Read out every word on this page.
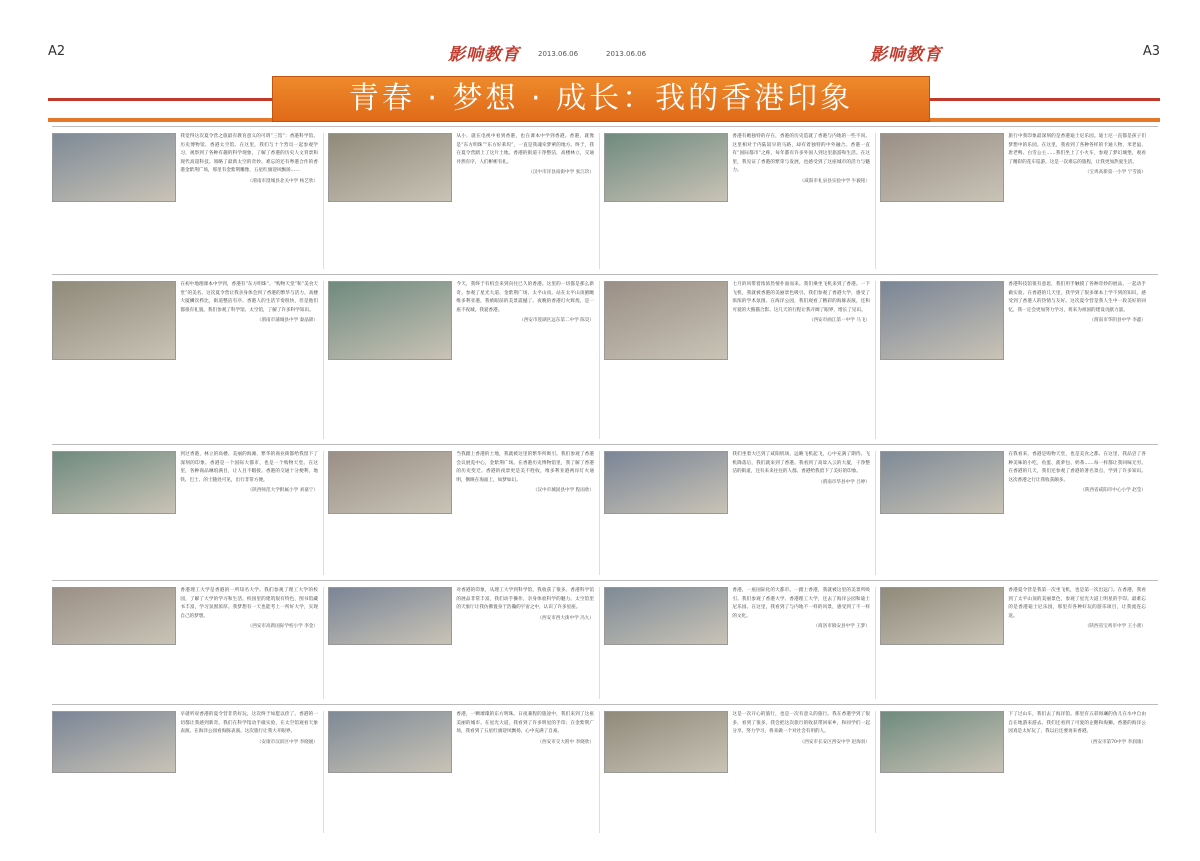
A2	影响教育	2013.06.06	2013.06.06	影响教育	A3
青春 · 梦想 · 成长：我的香港印象
我觉得这次夏令营之旅最有教育意义的可谓“三馆”：香港科学馆、历史博物馆、香港太空馆。在这里，我们与十个营员一起参观学习，观察到了各种有趣的科学现象，了解了香港的历史人文背景和现代高超科技。领略了最新太空的奇妙。难忘的还有粤港合作的香港金紫荆广场，那里有金紫荆雕像，五星红旗迎风飘扬……
（渭南市澄城县北关中学 杨艺欣）
从小，就在电视中看到香港，也在课本中学到香港。香港，就像是“东方明珠”“东方好莱坞”，一直是我魂牵梦萦的地方。终于，我在夏令营踏上了这片土地。香港的街道干净整洁，高楼林立，交通井然有序，人们彬彬有礼。
（汉中市洋县南街中学 张江玖）
香港有她独特的存在，香港的历史造就了香港与内地的一些不同。这里相对于内陆较早的马路，却有着独特的中外融合。香港一直有“国际都市”之称，每年都有许多外国人到这里旅游和生活。在这里，我见证了香港的繁荣与发展，也感受到了这座城市的活力与魅力。
（咸阳市礼泉县实验中学 牛毅铭）
旅行中我印象最深刻的是香港迪士尼乐园。迪士尼一直都是孩子们梦想中的乐园。在这里，我看到了各种各样的卡通人物，米老鼠、唐老鸭、白雪公主……我们坐上了小火车，参观了梦幻城堡，观看了精彩的花车巡游。这是一次难忘的旅程，让我更加热爱生活。
（宝鸡高新第一小学 宁雪波）
在初中地理课本中学到，香港有“东方明珠”、“购物天堂”和“美食天堂”的美名。这次夏令营让我亲身体会到了香港的繁华与活力。高楼大厦鳞次栉比，街道整洁有序。香港人的生活节奏很快，但是他们都很有礼貌。我们参观了科学馆、太空馆，了解了许多科学知识。
（渭南市蒲城县中学 秦晶锦）
今天，我终于有机会来到向往已久的香港。这里的一切都是那么新奇。参观了星光大道、金紫荆广场、太平山顶。站在太平山顶俯瞰维多利亚港，我被眼前的美景震撼了。夜晚的香港灯火辉煌，是一座不夜城。我爱香港。
（西安市莲湖区远东第二中学 陈昊）
七月的风带着浓浓热情扑面而来。我们乘坐飞机来到了香港。一下飞机，我就被香港的美丽景色吸引。我们参观了香港大学，感受了浓浓的学术氛围。在海洋公园，我们观看了精彩的海豚表演，还和可爱的大熊猫合影。这几天的行程让我开阔了眼界，增长了见识。
（西安市曲江第一中学 马飞）
香港科技馆很有意思，我们用手触摸了各种奇妙的展品，一起动手做实验。在香港的几天里，我学到了很多课本上学不到的知识，感受到了香港人的热情与友好。这次夏令营是我人生中一段美好的回忆，我一定会更加努力学习，将来为祖国的建设贡献力量。
（渭南市华阴县中学 李鑫）
到过香港，林立的高楼、美丽的海滩、繁华的商业街都给我留下了深刻的印象。香港是一个国际大都市，也是一个购物天堂。在这里，各种商品琳琅满目，让人目不暇接。香港的交通十分便利，地铁、巴士、的士随处可见，出行非常方便。
（陕西师范大学附属小学 刘嘉宁）
当我踏上香港的土地，我就被这里的繁华所吸引。我们参观了香港会议展览中心，金紫荆广场。在香港历史博物馆里，我了解了香港的历史变迁。香港的夜景更是美不胜收，维多利亚港两岸灯火通明，倒映在海面上，如梦如幻。
（汉中市城固县中学 程雨欣）
我们坐着大巴到了咸阳机场，远眺飞机起飞，心中充满了期待。飞机降落后，我们就来到了香港。我看到了高耸入云的大厦，干净整洁的街道，还有来来往往的人群。香港给我留下了美好的印象。
（渭南市华县中学 吕婷）
在我看来，香港是购物天堂，也是美食之都。在这里，我品尝了各种美味的小吃，鱼蛋、菠萝包、奶茶……每一样都让我回味无穷。在香港的几天，我们还参观了香港的著名景点，学到了许多知识。这次香港之行让我收获颇多。
（陕西省咸阳市中心小学 赵莹）
香港理工大学是香港的一所知名大学。我们参观了理工大学的校园，了解了大学的学习和生活。校园里的建筑很有特色，图书馆藏书丰富，学习氛围浓厚。我梦想有一天也能考上一所好大学，实现自己的梦想。
（西安市高新国际学校小学 李金）
对香港的印象，从理工大学到科学馆，我收获了很多。香港科学馆的展品非常丰富，我们动手操作，亲身体验科学的魅力。太空馆里的天象厅让我仿佛置身于浩瀚的宇宙之中，认识了许多星座。
（西安市西大街中学 冯九）
香港，一座国际化的大都市。一踏上香港，我就被这里的美景所吸引。我们参观了香港大学、香港理工大学，还去了海洋公园和迪士尼乐园。在这里，我看到了与内地不一样的风景，感受到了不一样的文化。
（商洛市镇安县中学 王梦）
香港夏令营是我第一次坐飞机，也是第一次出远门。在香港，我看到了太平山顶的美丽景色，参观了星光大道上明星的手印。最难忘的是香港迪士尼乐园，那里有各种好玩的游乐项目，让我流连忘返。
（陕西省宝鸡市中学 王小蕾）
早就听说香港的夏令营非常好玩，这次终于如愿以偿了。香港的一切都让我感到新奇。我们在科学馆动手做实验，在太空馆观看天象表演，在海洋公园看海豚表演。这次旅行让我大开眼界。
（安康市汉滨区中学 李晓媛）
香港，一颗璀璨的东方明珠。日夜兼程的旅途中，我们来到了这座美丽的城市。在星光大道，我看到了许多明星的手印；在金紫荆广场，我看到了五星红旗迎风飘扬，心中充满了自豪。
（西安市交大附中 李晓欣）
这是一次开心的旅行，也是一次有意义的旅行。我在香港学到了很多，看到了很多。我会把这次旅行的收获带回家乡，和同学们一起分享，努力学习，将来做一个对社会有用的人。
（西安市长安区西安中学 赵海羽）
下了过山车，我们去了海洋馆。那里有五彩斑斓的鱼儿在水中自由自在地游来游去。我们还看到了可爱的企鹅和海狮。香港的海洋公园真是太好玩了，我以后还要再来香港。
（西安市第70中学 李润康）
